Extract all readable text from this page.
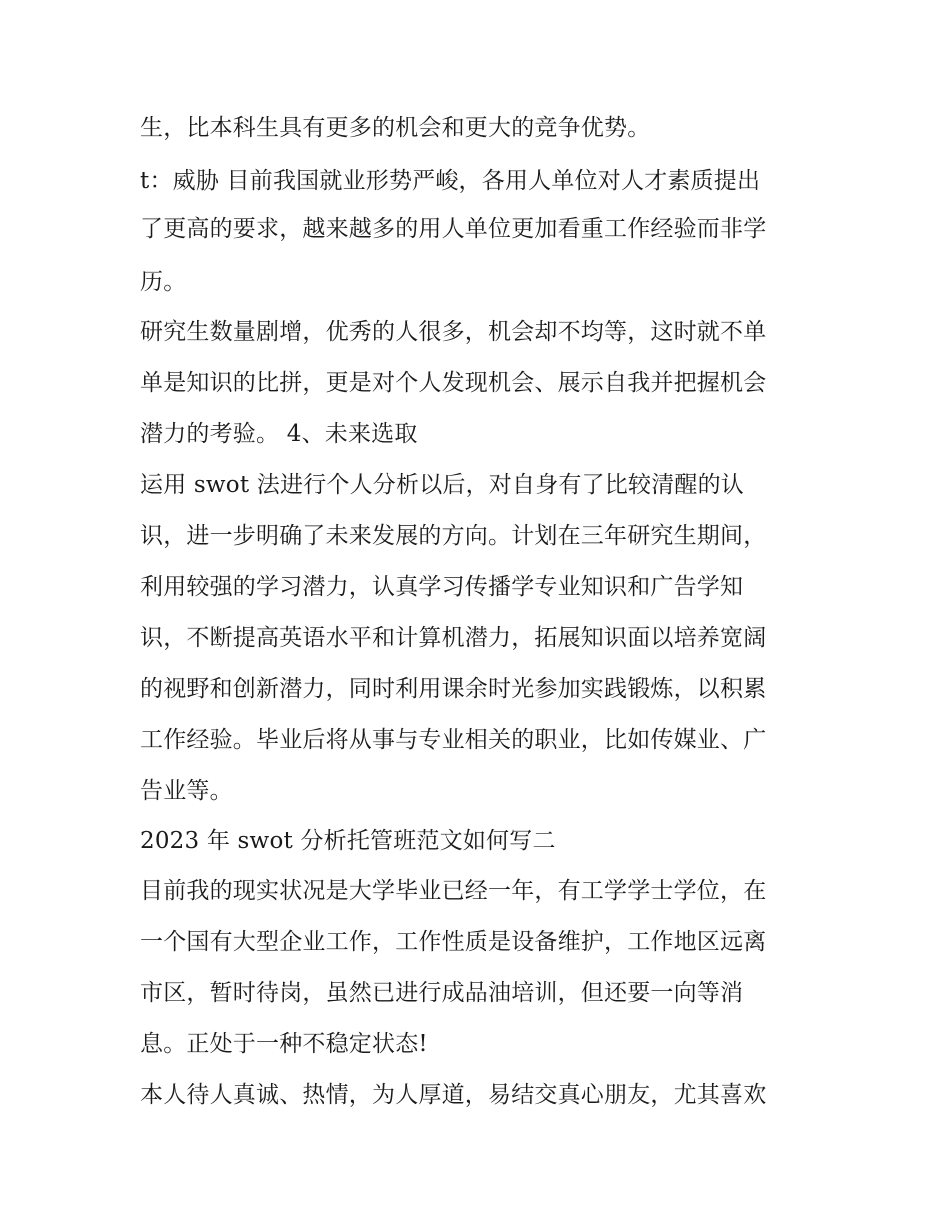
生，比本科生具有更多的机会和更大的竞争优势。
t：威胁 目前我国就业形势严峻，各用人单位对人才素质提出
了更高的要求，越来越多的用人单位更加看重工作经验而非学
历。
研究生数量剧增，优秀的人很多，机会却不均等，这时就不单
单是知识的比拼，更是对个人发现机会、展示自我并把握机会
潜力的考验。 4、未来选取
运用 swot 法进行个人分析以后，对自身有了比较清醒的认
识，进一步明确了未来发展的方向。计划在三年研究生期间，
利用较强的学习潜力，认真学习传播学专业知识和广告学知
识，不断提高英语水平和计算机潜力，拓展知识面以培养宽阔
的视野和创新潜力，同时利用课余时光参加实践锻炼，以积累
工作经验。毕业后将从事与专业相关的职业，比如传媒业、广
告业等。
2023 年 swot 分析托管班范文如何写二
目前我的现实状况是大学毕业已经一年，有工学学士学位，在
一个国有大型企业工作，工作性质是设备维护，工作地区远离
市区，暂时待岗，虽然已进行成品油培训，但还要一向等消
息。正处于一种不稳定状态!
本人待人真诚、热情，为人厚道，易结交真心朋友，尤其喜欢
